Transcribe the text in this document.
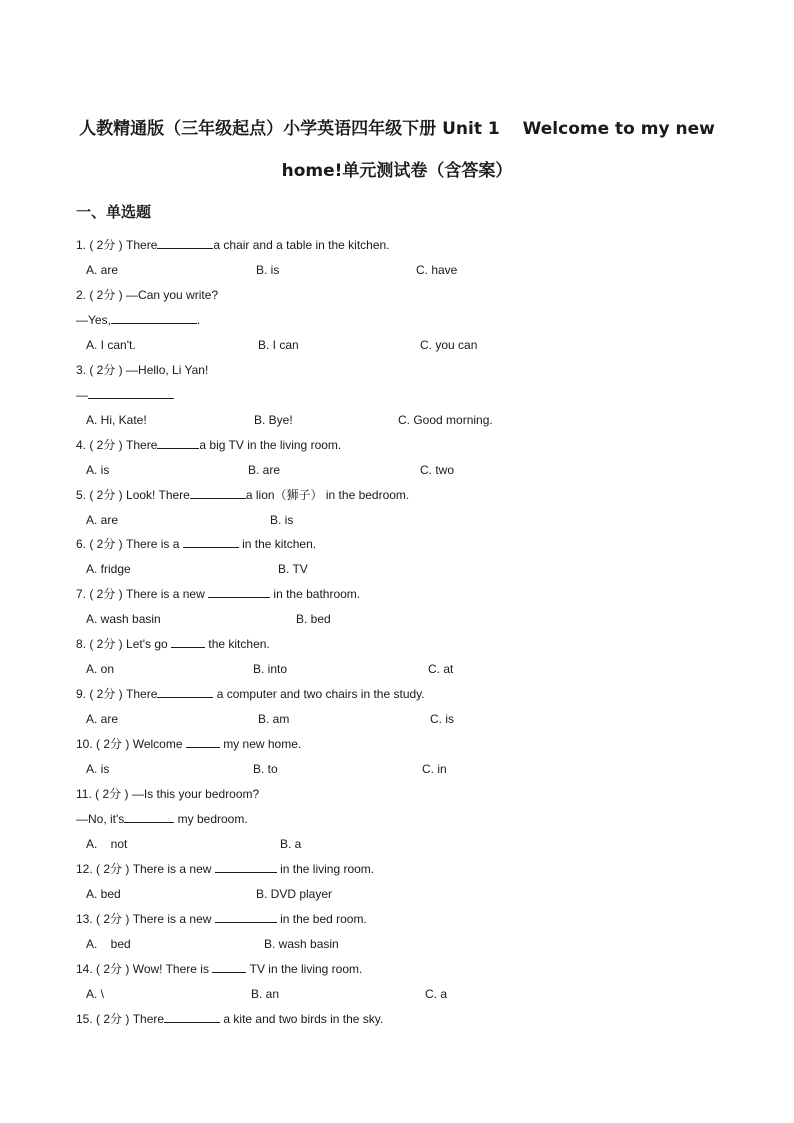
人教精通版（三年级起点）小学英语四年级下册 Unit 1　 Welcome to my new
home!单元测试卷（含答案）
一、单选题
1. ( 2分 ) There	a chair and a table in the kitchen.
A. are	B. is	C. have
2. ( 2分 ) —Can you write?
—Yes,	.
A. I can't.	B. I can	C. you can
3. ( 2分 ) —Hello, Li Yan!
—
A. Hi, Kate!	B. Bye!	C. Good morning.
4. ( 2分 ) There	a big TV in the living room.
A. is	B. are	C. two
5. ( 2分 ) Look! There	a lion（狮子） in the bedroom.
A. are	B. is
6. ( 2分 ) There is a	in the kitchen.
A. fridge	B. TV
7. ( 2分 ) There is a new	in the bathroom.
A. wash basin	B. bed
8. ( 2分 ) Let's go	the kitchen.
A. on	B. into	C. at
9. ( 2分 ) There	a computer and two chairs in the study.
A. are	B. am	C. is
10. ( 2分 ) Welcome	my new home.
A. is	B. to	C. in
11. ( 2分 ) —Is this your bedroom?
—No, it's	my bedroom.
A.    not	B. a
12. ( 2分 ) There is a new	in the living room.
A. bed	B. DVD player
13. ( 2分 ) There is a new	in the bed room.
A.    bed	B. wash basin
14. ( 2分 ) Wow! There is	TV in the living room.
A. \	B. an	C. a
15. ( 2分 ) There	a kite and two birds in the sky.
